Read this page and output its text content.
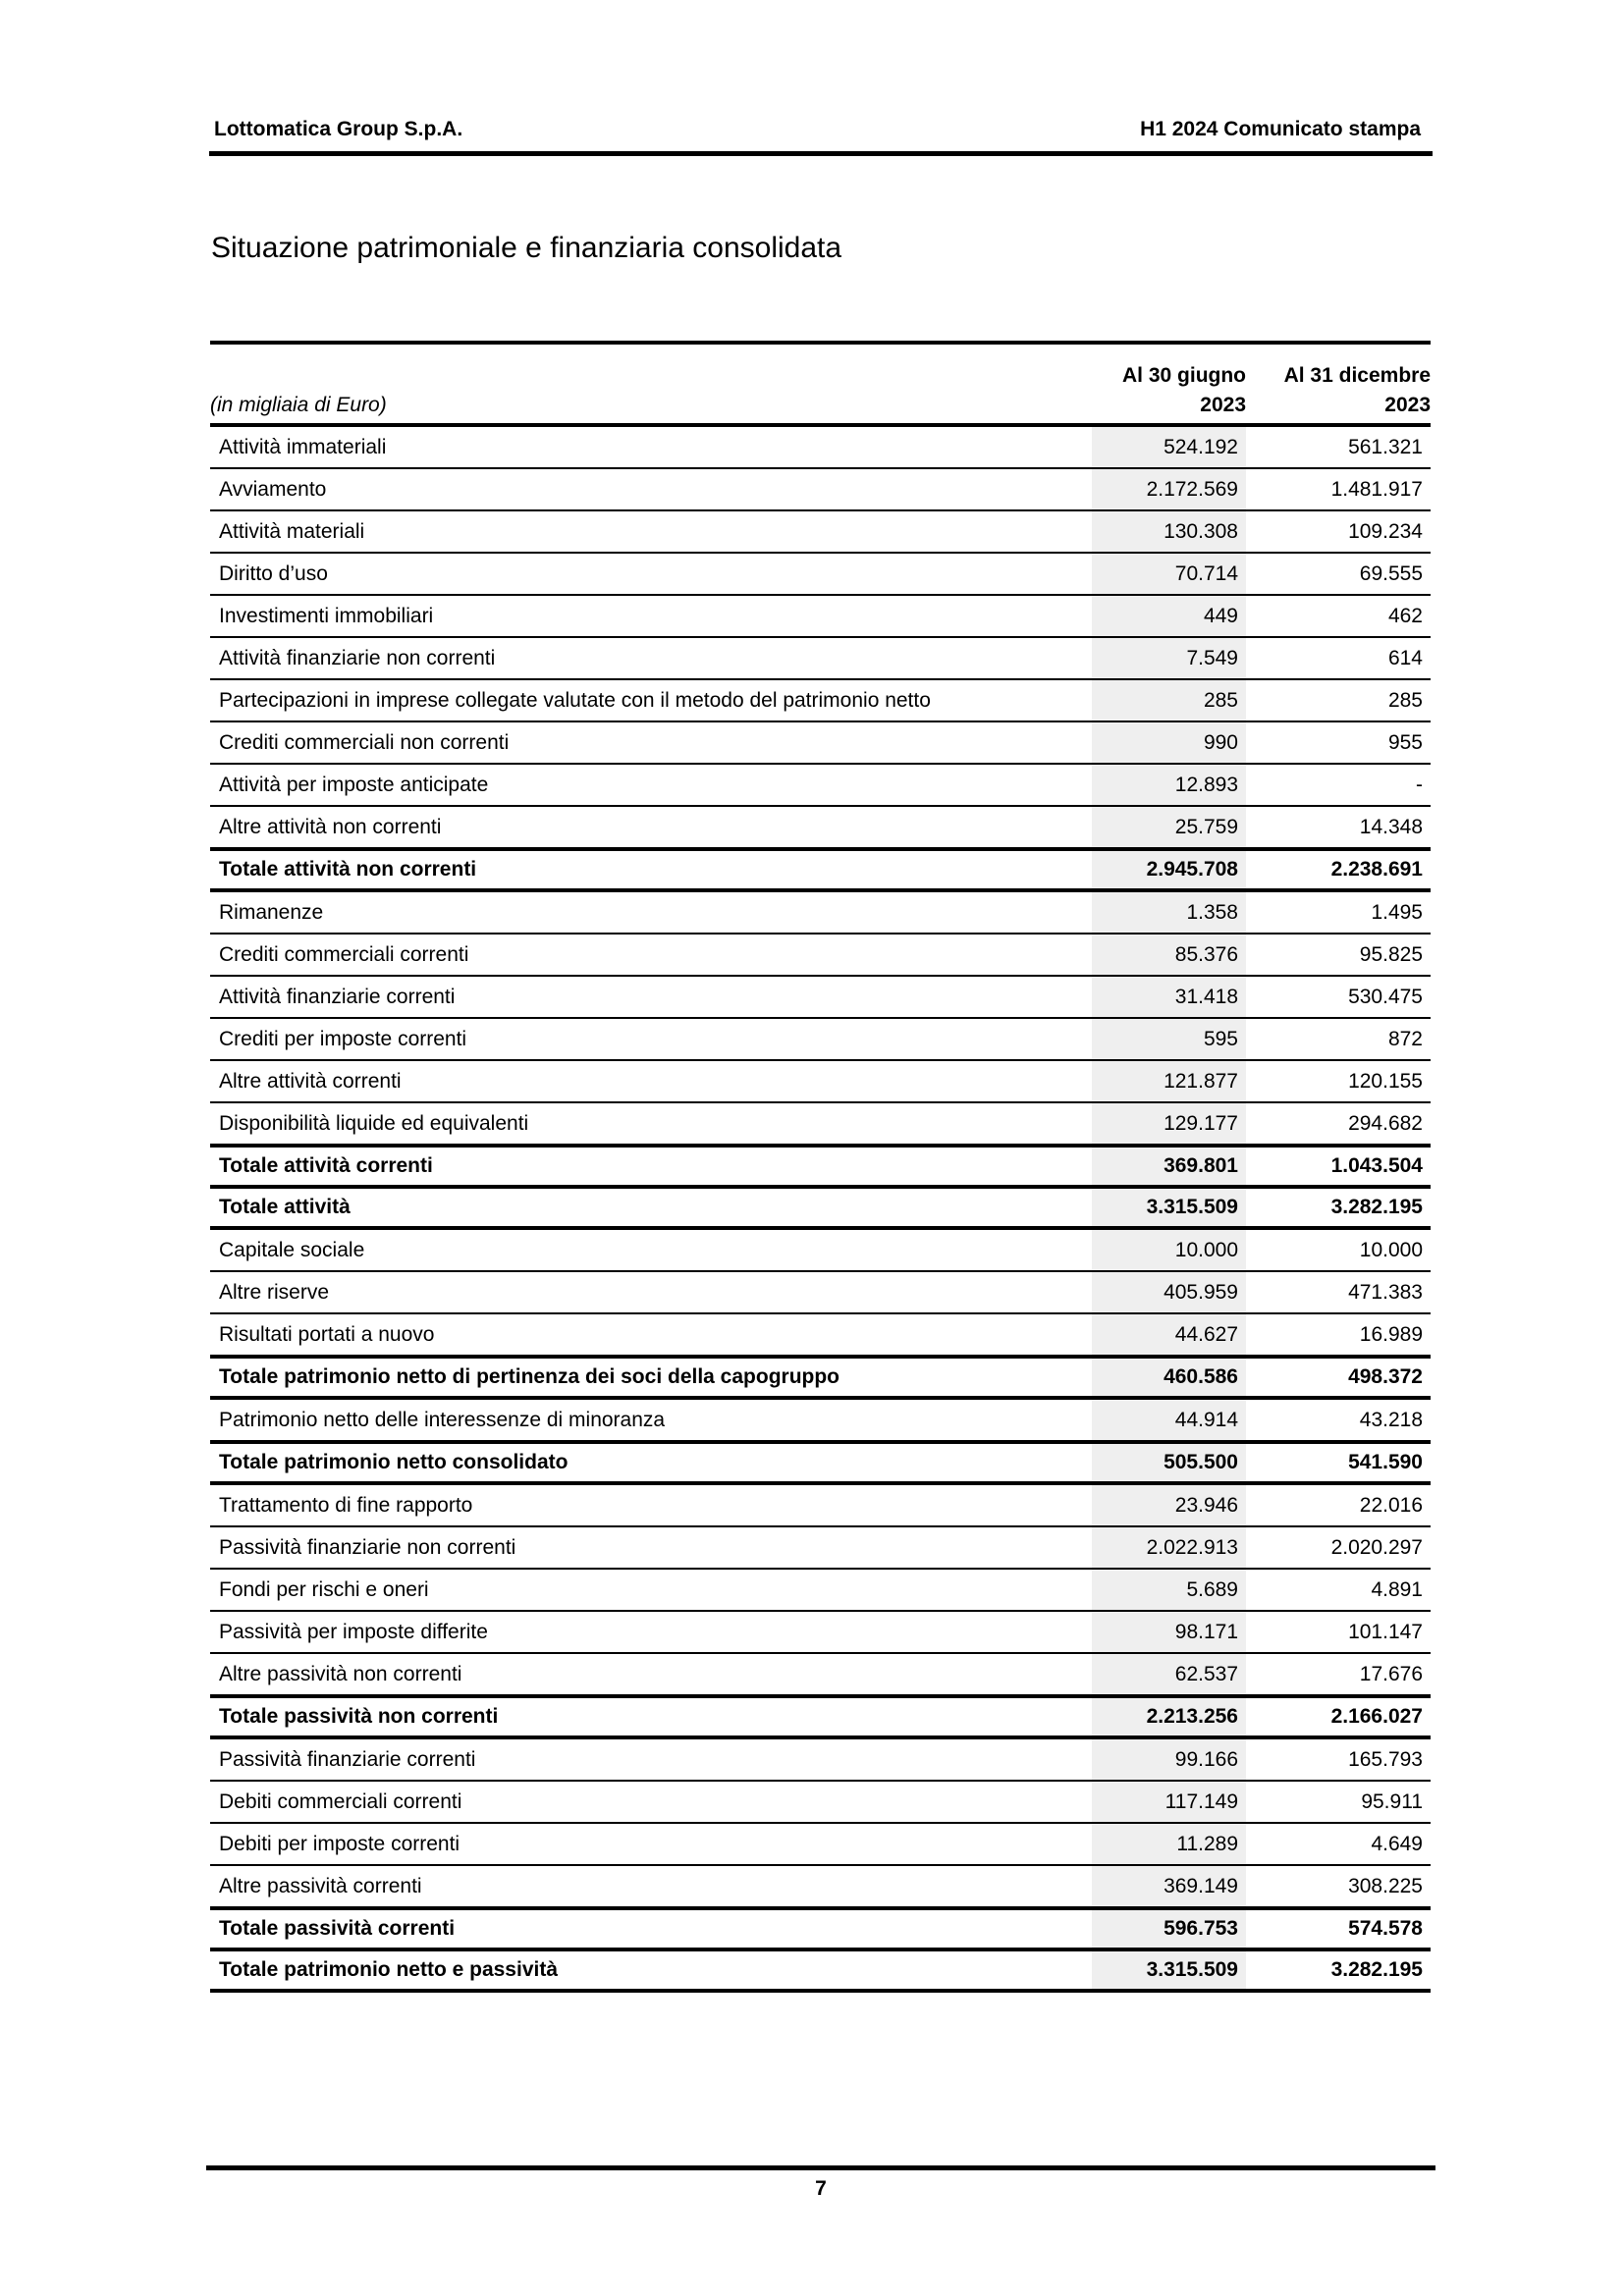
Lottomatica Group S.p.A.	H1 2024 Comunicato stampa
Situazione patrimoniale e finanziaria consolidata
	Al 30 giugno	Al 31 dicembre
(in migliaia di Euro)	2023	2023
Attività immateriali	524.192	561.321
Avviamento	2.172.569	1.481.917
Attività materiali	130.308	109.234
Diritto d’uso	70.714	69.555
Investimenti immobiliari	449	462
Attività finanziarie non correnti	7.549	614
Partecipazioni in imprese collegate valutate con il metodo del patrimonio netto	285	285
Crediti commerciali non correnti	990	955
Attività per imposte anticipate	12.893	-
Altre attività non correnti	25.759	14.348
Totale attività non correnti	2.945.708	2.238.691
Rimanenze	1.358	1.495
Crediti commerciali correnti	85.376	95.825
Attività finanziarie correnti	31.418	530.475
Crediti per imposte correnti	595	872
Altre attività correnti	121.877	120.155
Disponibilità liquide ed equivalenti	129.177	294.682
Totale attività correnti	369.801	1.043.504
Totale attività	3.315.509	3.282.195
Capitale sociale	10.000	10.000
Altre riserve	405.959	471.383
Risultati portati a nuovo	44.627	16.989
Totale patrimonio netto di pertinenza dei soci della capogruppo	460.586	498.372
Patrimonio netto delle interessenze di minoranza	44.914	43.218
Totale patrimonio netto consolidato	505.500	541.590
Trattamento di fine rapporto	23.946	22.016
Passività finanziarie non correnti	2.022.913	2.020.297
Fondi per rischi e oneri	5.689	4.891
Passività per imposte differite	98.171	101.147
Altre passività non correnti	62.537	17.676
Totale passività non correnti	2.213.256	2.166.027
Passività finanziarie correnti	99.166	165.793
Debiti commerciali correnti	117.149	95.911
Debiti per imposte correnti	11.289	4.649
Altre passività correnti	369.149	308.225
Totale passività correnti	596.753	574.578
Totale patrimonio netto e passività	3.315.509	3.282.195
7
